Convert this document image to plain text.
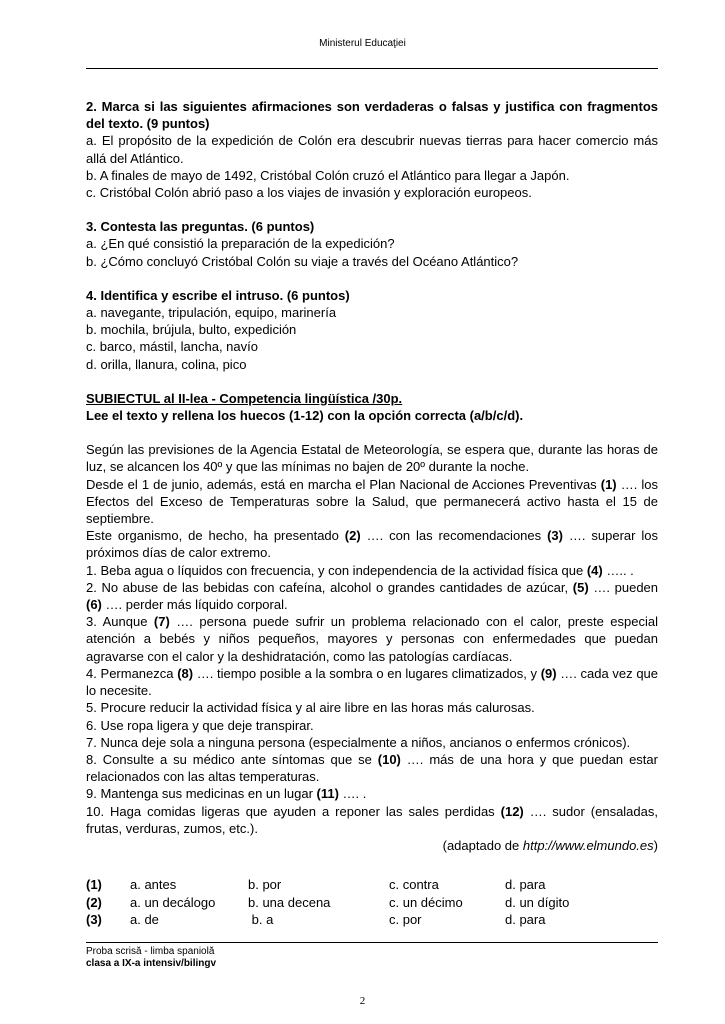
Ministerul Educaţiei

2. Marca si las siguientes afirmaciones son verdaderas o falsas y justifica con fragmentos del texto. (9 puntos)

a. El propósito de la expedición de Colón era descubrir nuevas tierras para hacer comercio más allá del Atlántico.

b. A finales de mayo de 1492, Cristóbal Colón cruzó el Atlántico para llegar a Japón.

c. Cristóbal Colón abrió paso a los viajes de invasión y exploración europeos.

3. Contesta las preguntas. (6 puntos)

a. ¿En qué consistió la preparación de la expedición?

b. ¿Cómo concluyó Cristóbal Colón su viaje a través del Océano Atlántico?

4. Identifica y escribe el intruso. (6 puntos)

a. navegante, tripulación, equipo, marinería

b. mochila, brújula, bulto, expedición

c. barco, mástil, lancha, navío

d. orilla, llanura, colina, pico

SUBIECTUL al II-lea - Competencia lingüística /30p.

Lee el texto y rellena los huecos (1-12) con la opción correcta (a/b/c/d).

Según las previsiones de la Agencia Estatal de Meteorología, se espera que, durante las horas de luz, se alcancen los 40º y que las mínimas no bajen de 20º durante la noche.

Desde el 1 de junio, además, está en marcha el Plan Nacional de Acciones Preventivas (1) …. los Efectos del Exceso de Temperaturas sobre la Salud, que permanecerá activo hasta el 15 de septiembre.

Este organismo, de hecho, ha presentado (2) …. con las recomendaciones (3) …. superar los próximos días de calor extremo.

1. Beba agua o líquidos con frecuencia, y con independencia de la actividad física que (4) ….. .

2. No abuse de las bebidas con cafeína, alcohol o grandes cantidades de azúcar, (5) …. pueden (6) …. perder más líquido corporal.

3. Aunque (7) …. persona puede sufrir un problema relacionado con el calor, preste especial atención a bebés y niños pequeños, mayores y personas con enfermedades que puedan agravarse con el calor y la deshidratación, como las patologías cardíacas.

4. Permanezca (8) …. tiempo posible a la sombra o en lugares climatizados, y (9) …. cada vez que lo necesite.

5. Procure reducir la actividad física y al aire libre en las horas más calurosas.

6. Use ropa ligera y que deje transpirar.

7. Nunca deje sola a ninguna persona (especialmente a niños, ancianos o enfermos crónicos).

8. Consulte a su médico ante síntomas que se (10) …. más de una hora y que puedan estar relacionados con las altas temperaturas.

9. Mantenga sus medicinas en un lugar (11) …. .

10. Haga comidas ligeras que ayuden a reponer las sales perdidas (12) …. sudor (ensaladas, frutas, verduras, zumos, etc.).

(adaptado de http://www.elmundo.es)

(1)	a. antes	b. por	c. contra	d. para
(2)	a. un decálogo	b. una decena	c. un décimo	d. un dígito
(3)	a. de	b. a	c. por	d. para
Proba scrisă - limba spaniolă
clasa a IX-a intensiv/bilingv
2
